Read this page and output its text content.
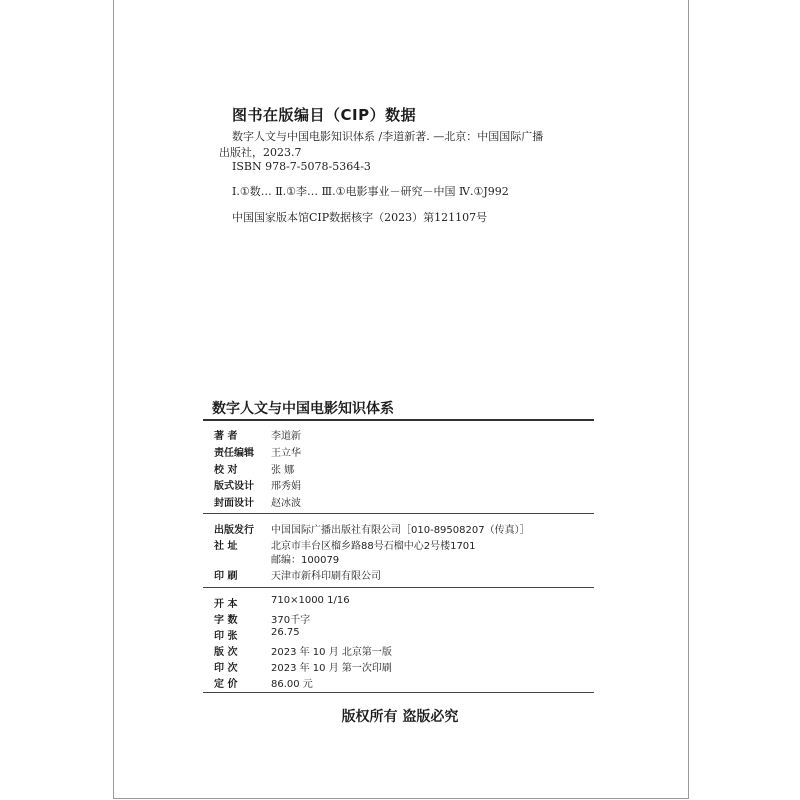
图书在版编目（CIP）数据
数字人文与中国电影知识体系 /李道新著. —北京：中国国际广播
出版社，2023.7
ISBN 978-7-5078-5364-3
Ⅰ.①数… Ⅱ.①李… Ⅲ.①电影事业－研究－中国 Ⅳ.①J992
中国国家版本馆CIP数据核字（2023）第121107号
数字人文与中国电影知识体系
著 者	李道新
责任编辑 王立华
校 对	张 娜
版式设计 邢秀娟
封面设计 赵冰波
出版发行 中国国际广播出版社有限公司［010-89508207（传真）］
社 址	北京市丰台区榴乡路88号石榴中心2号楼1701
邮编：100079
印 刷	天津市新科印刷有限公司
开 本	710×1000 1/16
字 数	370千字
印 张	26.75
版 次	2023 年 10 月 北京第一版
印 次	2023 年 10 月 第一次印刷
定 价	86.00 元
版权所有 盗版必究
